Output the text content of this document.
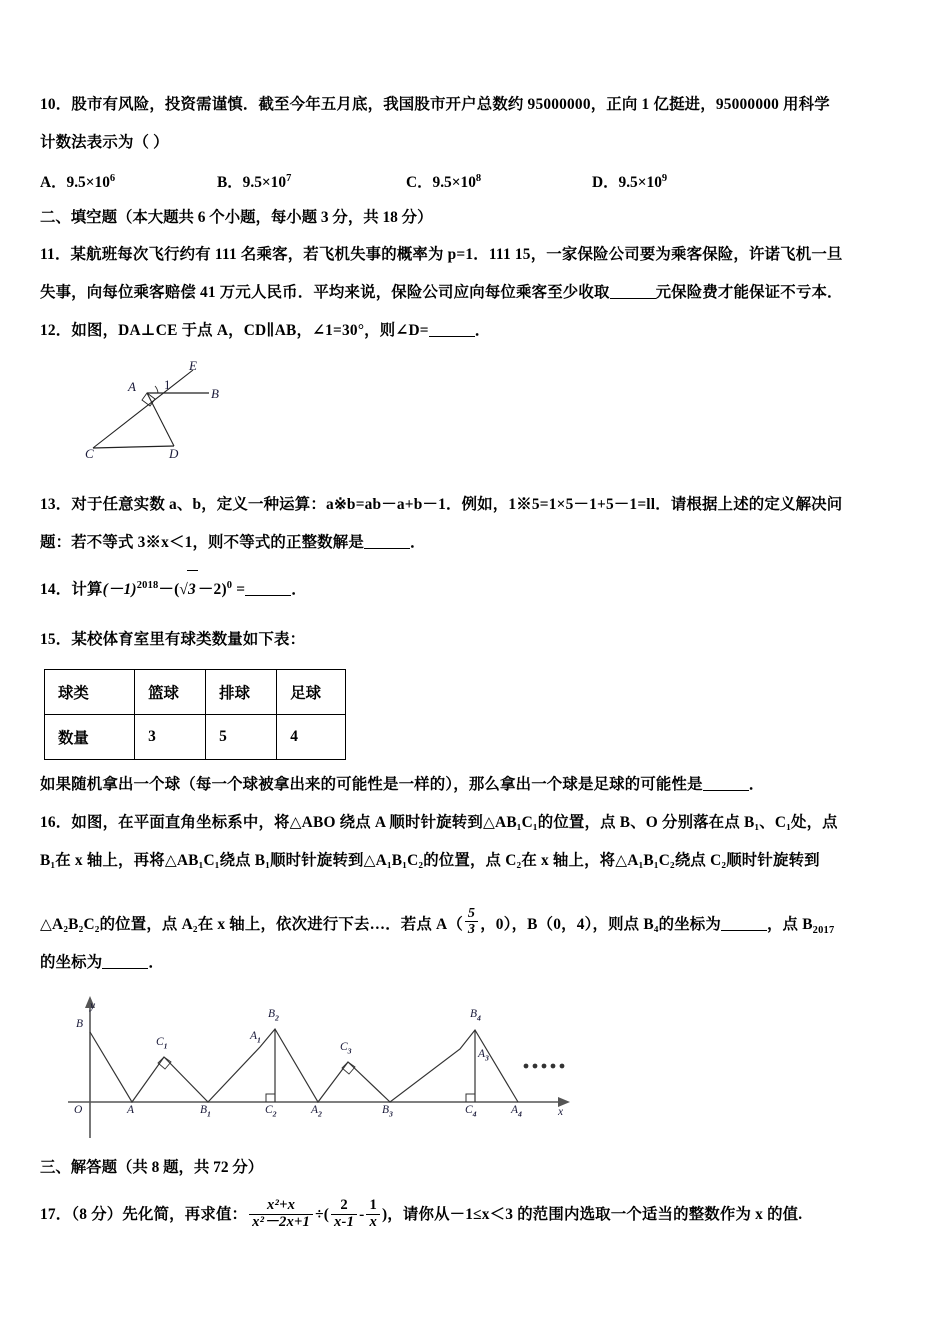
10．股市有风险，投资需谨慎．截至今年五月底，我国股市开户总数约 95000000，正向 1 亿挺进，95000000 用科学

计数法表示为（ ）

A．$9.5\times 10^6$	B．$9.5\times 10^7$	C．$9.5\times 10^8$	D．$9.5\times 10^9$

二、填空题（本大题共 6 个小题，每小题 3 分，共 18 分）

11．某航班每次飞行约有 111 名乘客，若飞机失事的概率为 p=1．111 15，一家保险公司要为乘客保险，许诺飞机一旦

失事，向每位乘客赔偿 41 万元人民币．平均来说，保险公司应向每位乘客至少收取	元保险费才能保证不亏本．

12．如图，DA⊥CE 于点 A，CD∥AB，∠1=30°，则∠D=	．

E
A 1
B
C	D

13．对于任意实数 a、b，定义一种运算：a※b=ab－a+b－1．例如，1※5=1×5－1+5－1=ll．请根据上述的定义解决问

题：若不等式 3※x＜1，则不等式的正整数解是	．

14．计算$(-1)^{2018}-(√3 -2)^0$ =	．

15．某校体育室里有球类数量如下表：

球类	篮球	排球	足球
数量	3	5	4

如果随机拿出一个球（每一个球被拿出来的可能性是一样的），那么拿出一个球是足球的可能性是	．

16．如图，在平面直角坐标系中，将△ABO 绕点 A 顺时针旋转到△AB₁C₁的位置，点 B、O 分别落在点 B₁、C₁处，点

B₁在 x 轴上，再将△AB₁C₁绕点 B₁顺时针旋转到△A₁B₁C₂的位置，点 C₂在 x 轴上，将△A₁B₁C₂绕点 C₂顺时针旋转到

△A₂B₂C₂的位置，点 A₂在 x 轴上，依次进行下去…．若点 $A( \frac{5}{3}$ ，0），B（0，4），则点 B₄的坐标为	，点 $B_{2017}$

的坐标为	．

y
x
O
B
A
$C_1$
$B_1$
$A_1$
$B_2$
$C_2$	$A_2$
$C_3$
$B_3$
$A_3$
$B_4$
$C_4$	$A_4$

三、解答题（共 8 题，共 72 分）

17．（8 分）先化简，再求值： $\frac{\text{x²+x}}{\text{x²－2x+1}}$ ÷( $\frac{2}{x-1} - \frac{1}{x}$ )，请你从－1≤x＜3 的范围内选取一个适当的整数作为 x 的值.
